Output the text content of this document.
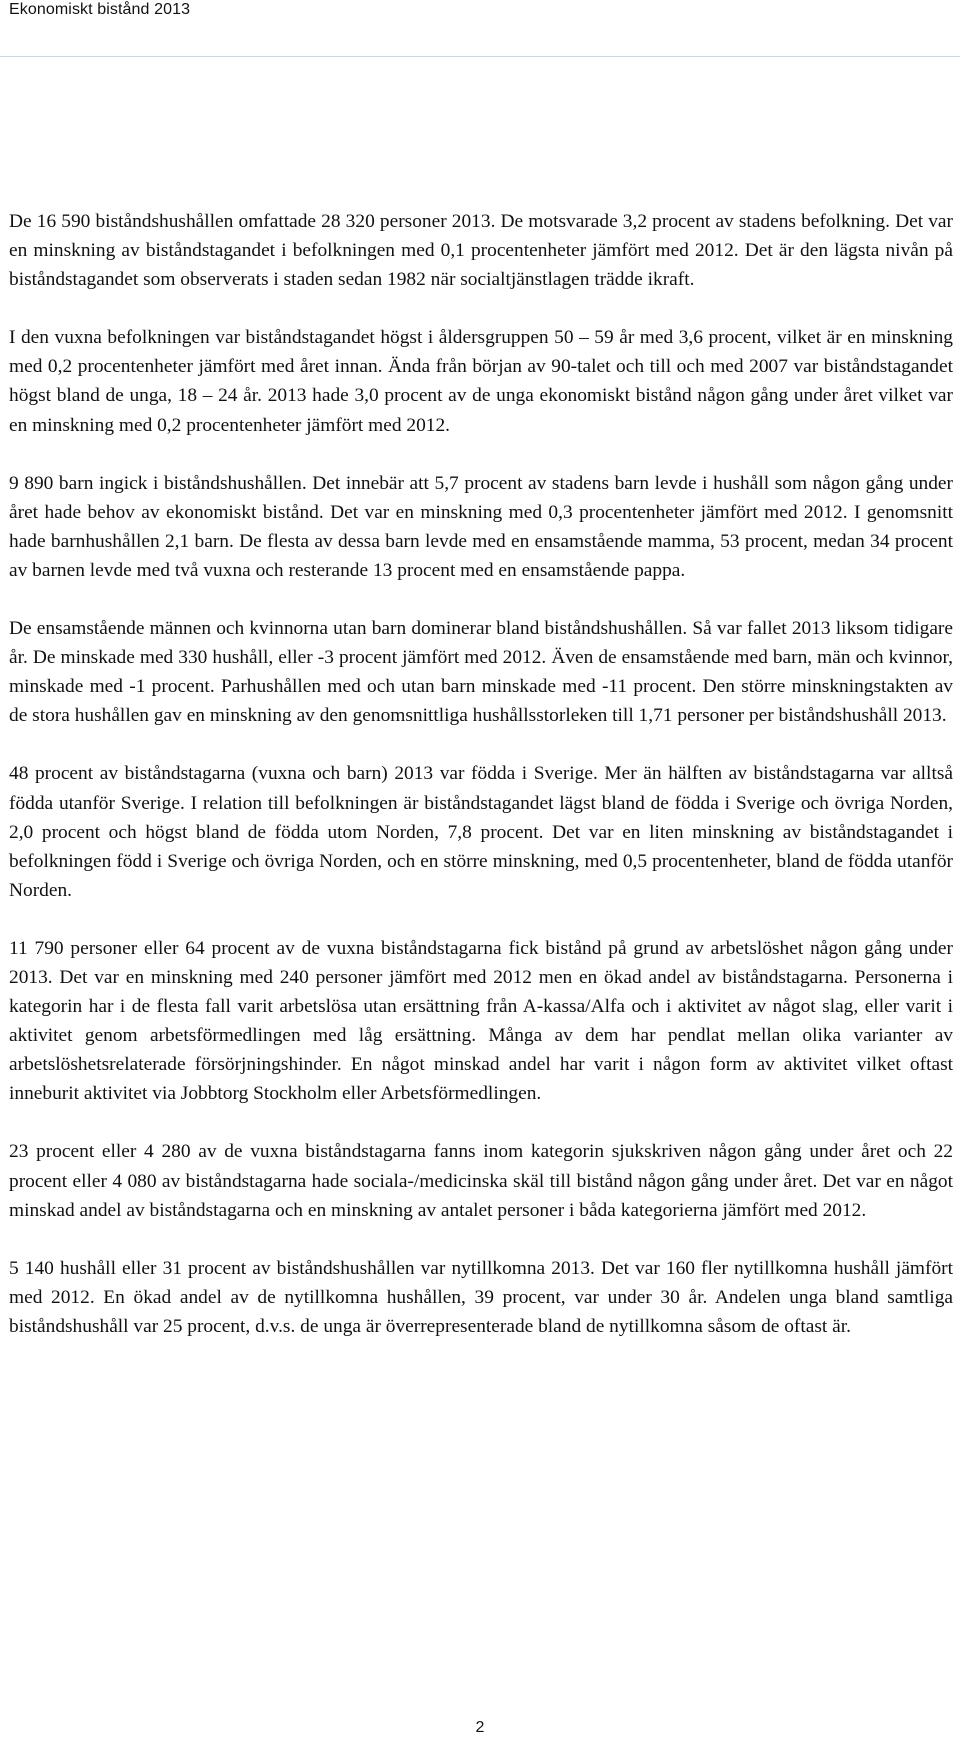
Ekonomiskt bistånd 2013

De 16 590 biståndshushållen omfattade 28 320 personer 2013. De motsvarade 3,2 procent av stadens befolkning. Det var en minskning av biståndstagandet i befolkningen med 0,1 procentenheter jämfört med 2012. Det är den lägsta nivån på biståndstagandet som observerats i staden sedan 1982 när socialtjänstlagen trädde ikraft.

I den vuxna befolkningen var biståndstagandet högst i åldersgruppen 50 – 59 år med 3,6 procent, vilket är en minskning med 0,2 procentenheter jämfört med året innan. Ända från början av 90-talet och till och med 2007 var biståndstagandet högst bland de unga, 18 – 24 år. 2013 hade 3,0 procent av de unga ekonomiskt bistånd någon gång under året vilket var en minskning med 0,2 procentenheter jämfört med 2012.

9 890 barn ingick i biståndshushållen. Det innebär att 5,7 procent av stadens barn levde i hushåll som någon gång under året hade behov av ekonomiskt bistånd. Det var en minskning med 0,3 procentenheter jämfört med 2012. I genomsnitt hade barnhushållen 2,1 barn. De flesta av dessa barn levde med en ensamstående mamma, 53 procent, medan 34 procent av barnen levde med två vuxna och resterande 13 procent med en ensamstående pappa.

De ensamstående männen och kvinnorna utan barn dominerar bland biståndshushållen. Så var fallet 2013 liksom tidigare år. De minskade med 330 hushåll, eller -3 procent jämfört med 2012. Även de ensamstående med barn, män och kvinnor, minskade med -1 procent. Parhushållen med och utan barn minskade med -11 procent. Den större minskningstakten av de stora hushållen gav en minskning av den genomsnittliga hushållsstorleken till 1,71 personer per biståndshushåll 2013.

48 procent av biståndstagarna (vuxna och barn) 2013 var födda i Sverige. Mer än hälften av biståndstagarna var alltså födda utanför Sverige. I relation till befolkningen är biståndstagandet lägst bland de födda i Sverige och övriga Norden, 2,0 procent och högst bland de födda utom Norden, 7,8 procent. Det var en liten minskning av biståndstagandet i befolkningen född i Sverige och övriga Norden, och en större minskning, med 0,5 procentenheter, bland de födda utanför Norden.

11 790 personer eller 64 procent av de vuxna biståndstagarna fick bistånd på grund av arbetslöshet någon gång under 2013. Det var en minskning med 240 personer jämfört med 2012 men en ökad andel av biståndstagarna. Personerna i kategorin har i de flesta fall varit arbetslösa utan ersättning från A-kassa/Alfa och i aktivitet av något slag, eller varit i aktivitet genom arbetsförmedlingen med låg ersättning. Många av dem har pendlat mellan olika varianter av arbetslöshetsrelaterade försörjningshinder. En något minskad andel har varit i någon form av aktivitet vilket oftast inneburit aktivitet via Jobbtorg Stockholm eller Arbetsförmedlingen.

23 procent eller 4 280 av de vuxna biståndstagarna fanns inom kategorin sjukskriven någon gång under året och 22 procent eller 4 080 av biståndstagarna hade sociala-/medicinska skäl till bistånd någon gång under året. Det var en något minskad andel av biståndstagarna och en minskning av antalet personer i båda kategorierna jämfört med 2012.

5 140 hushåll eller 31 procent av biståndshushållen var nytillkomna 2013. Det var 160 fler nytillkomna hushåll jämfört med 2012. En ökad andel av de nytillkomna hushållen, 39 procent, var under 30 år. Andelen unga bland samtliga biståndshushåll var 25 procent, d.v.s. de unga är överrepresenterade bland de nytillkomna såsom de oftast är.

2
